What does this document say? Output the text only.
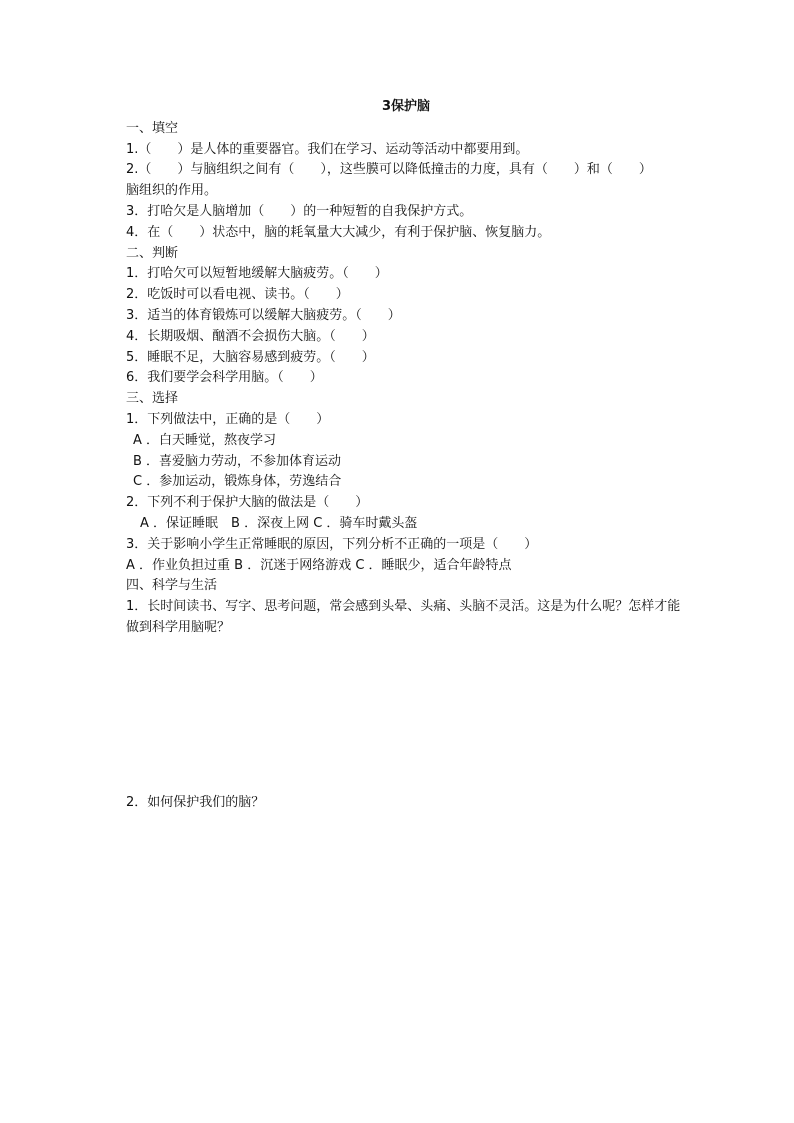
3保护脑
一、填空
1.（　　）是人体的重要器官。我们在学习、运动等活动中都要用到。
2.（　　）与脑组织之间有（　　），这些膜可以降低撞击的力度，具有（　　）和（　　）
脑组织的作用。
3．打哈欠是人脑增加（　　）的一种短暂的自我保护方式。
4．在（　　）状态中，脑的耗氧量大大减少，有利于保护脑、恢复脑力。
二、判断
1．打哈欠可以短暂地缓解大脑疲劳。（　　）
2．吃饭时可以看电视、读书。（　　）
3．适当的体育锻炼可以缓解大脑疲劳。（　　）
4．长期吸烟、酗酒不会损伤大脑。（　　）
5．睡眠不足，大脑容易感到疲劳。（　　）
6．我们要学会科学用脑。（　　）
三、选择
1．下列做法中，正确的是（　　）
A ．白天睡觉，熬夜学习
B ．喜爱脑力劳动，不参加体育运动
C ．参加运动，锻炼身体，劳逸结合
2．下列不利于保护大脑的做法是（　　）
A ．保证睡眠　B ．深夜上网 C ．骑车时戴头盔
3．关于影响小学生正常睡眠的原因，下列分析不正确的一项是（　　）
A ．作业负担过重 B ．沉迷于网络游戏 C ．睡眠少，适合年龄特点
四、科学与生活
1．长时间读书、写字、思考问题，常会感到头晕、头痛、头脑不灵活。这是为什么呢？怎样才能做到科学用脑呢？
2．如何保护我们的脑？
